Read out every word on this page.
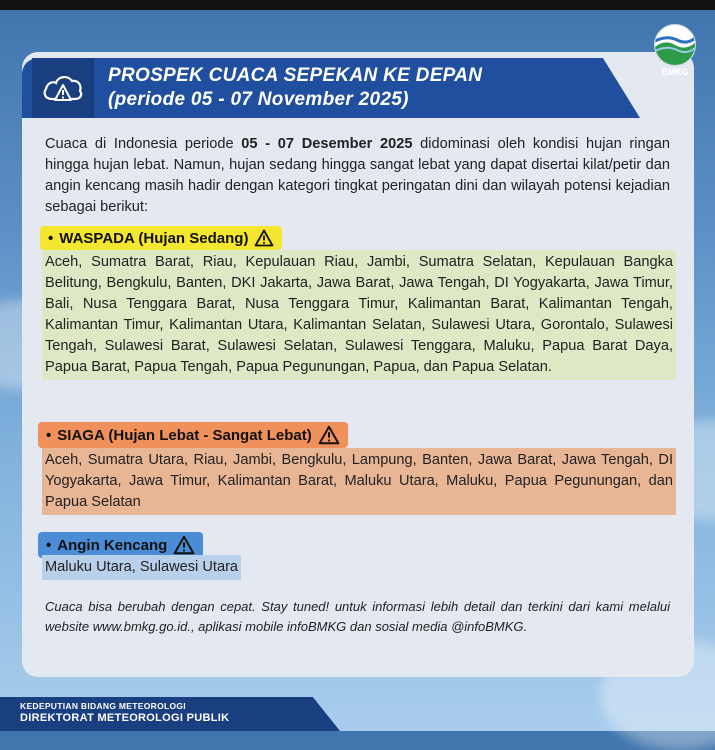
PROSPEK CUACA SEPEKAN KE DEPAN
(periode 05 - 07 November 2025)
BMKG
Cuaca di Indonesia periode 05 - 07 Desember 2025 didominasi oleh kondisi hujan ringan hingga hujan lebat. Namun, hujan sedang hingga sangat lebat yang dapat disertai kilat/petir dan angin kencang masih hadir dengan kategori tingkat peringatan dini dan wilayah potensi kejadian sebagai berikut:
• WASPADA (Hujan Sedang)
Aceh, Sumatra Barat, Riau, Kepulauan Riau, Jambi, Sumatra Selatan, Kepulauan Bangka Belitung, Bengkulu, Banten, DKI Jakarta, Jawa Barat, Jawa Tengah, DI Yogyakarta, Jawa Timur, Bali, Nusa Tenggara Barat, Nusa Tenggara Timur, Kalimantan Barat, Kalimantan Tengah, Kalimantan Timur, Kalimantan Utara, Kalimantan Selatan, Sulawesi Utara, Gorontalo, Sulawesi Tengah, Sulawesi Barat, Sulawesi Selatan, Sulawesi Tenggara, Maluku, Papua Barat Daya, Papua Barat, Papua Tengah, Papua Pegunungan, Papua, dan Papua Selatan.
• SIAGA (Hujan Lebat - Sangat Lebat)
Aceh, Sumatra Utara, Riau, Jambi, Bengkulu, Lampung, Banten, Jawa Barat, Jawa Tengah, DI Yogyakarta, Jawa Timur, Kalimantan Barat, Maluku Utara, Maluku, Papua Pegunungan, dan Papua Selatan
• Angin Kencang
Maluku Utara, Sulawesi Utara
Cuaca bisa berubah dengan cepat. Stay tuned! untuk informasi lebih detail dan terkini dari kami melalui website www.bmkg.go.id., aplikasi mobile infoBMKG dan sosial media @infoBMKG.
KEDEPUTIAN BIDANG METEOROLOGI
DIREKTORAT METEOROLOGI PUBLIK
